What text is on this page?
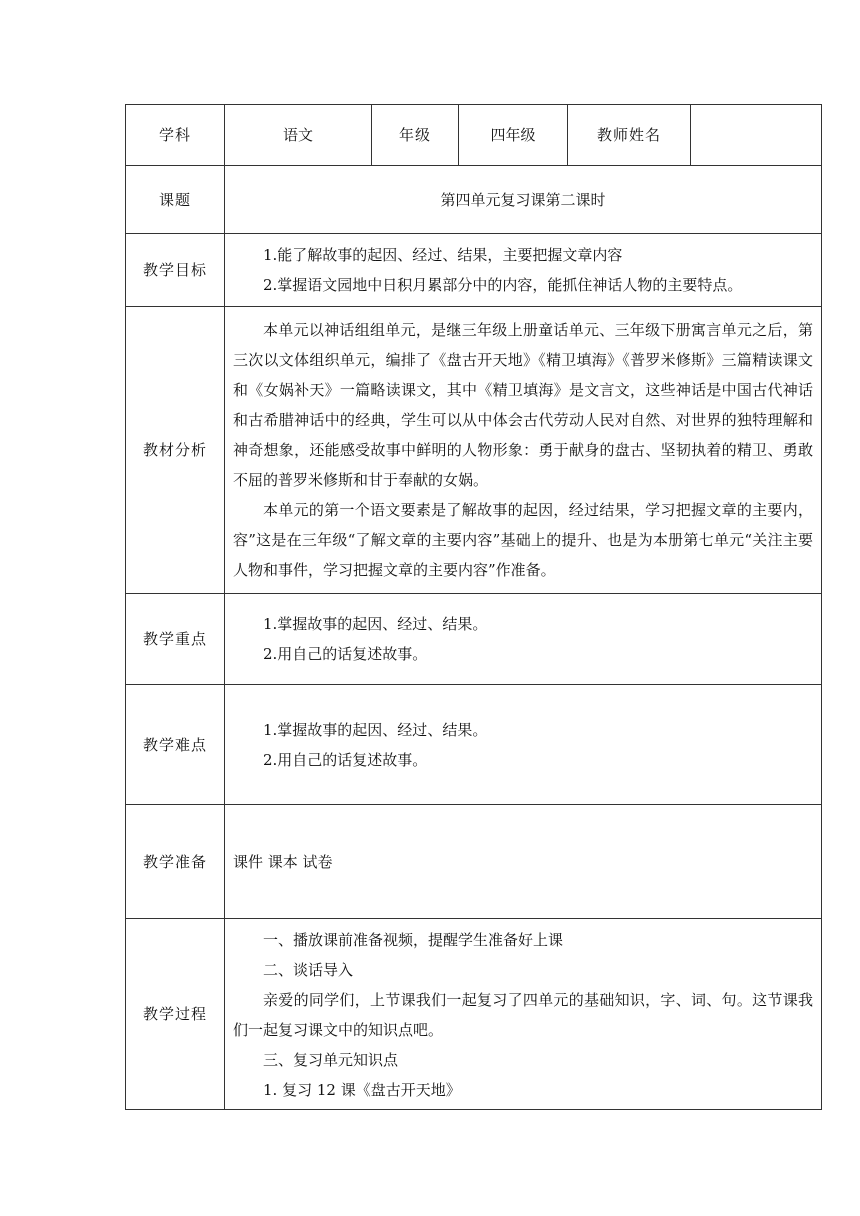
学科	语文	年级	四年级	教师姓名	
课题	第四单元复习课第二课时				
教学目标	1.能了解故事的起因、经过、结果，主要把握文章内容

2.掌握语文园地中日积月累部分中的内容，能抓住神话人物的主要特点。				

教材分析	本单元以神话组组单元，是继三年级上册童话单元、三年级下册寓言单元之后，第三次以文体组织单元，编排了《盘古开天地》《精卫填海》《普罗米修斯》三篇精读课文和《女娲补天》一篇略读课文，其中《精卫填海》是文言文，这些神话是中国古代神话和古希腊神话中的经典，学生可以从中体会古代劳动人民对自然、对世界的独特理解和神奇想象，还能感受故事中鲜明的人物形象：勇于献身的盘古、坚韧执着的精卫、勇敢不屈的普罗米修斯和甘于奉献的女娲。

本单元的第一个语文要素是了解故事的起因，经过结果，学习把握文章的主要内，容”这是在三年级“了解文章的主要内容”基础上的提升、也是为本册第七单元“关注主要人物和事件，学习把握文章的主要内容”作准备。				

教学重点	1.掌握故事的起因、经过、结果。

2.用自己的话复述故事。				

教学难点	1.掌握故事的起因、经过、结果。

2.用自己的话复述故事。				

教学准备	课件 课本 试卷				

教学过程	一、播放课前准备视频，提醒学生准备好上课

二、谈话导入

亲爱的同学们，上节课我们一起复习了四单元的基础知识，字、词、句。这节课我们一起复习课文中的知识点吧。

三、复习单元知识点

1. 复习 12 课《盘古开天地》				
